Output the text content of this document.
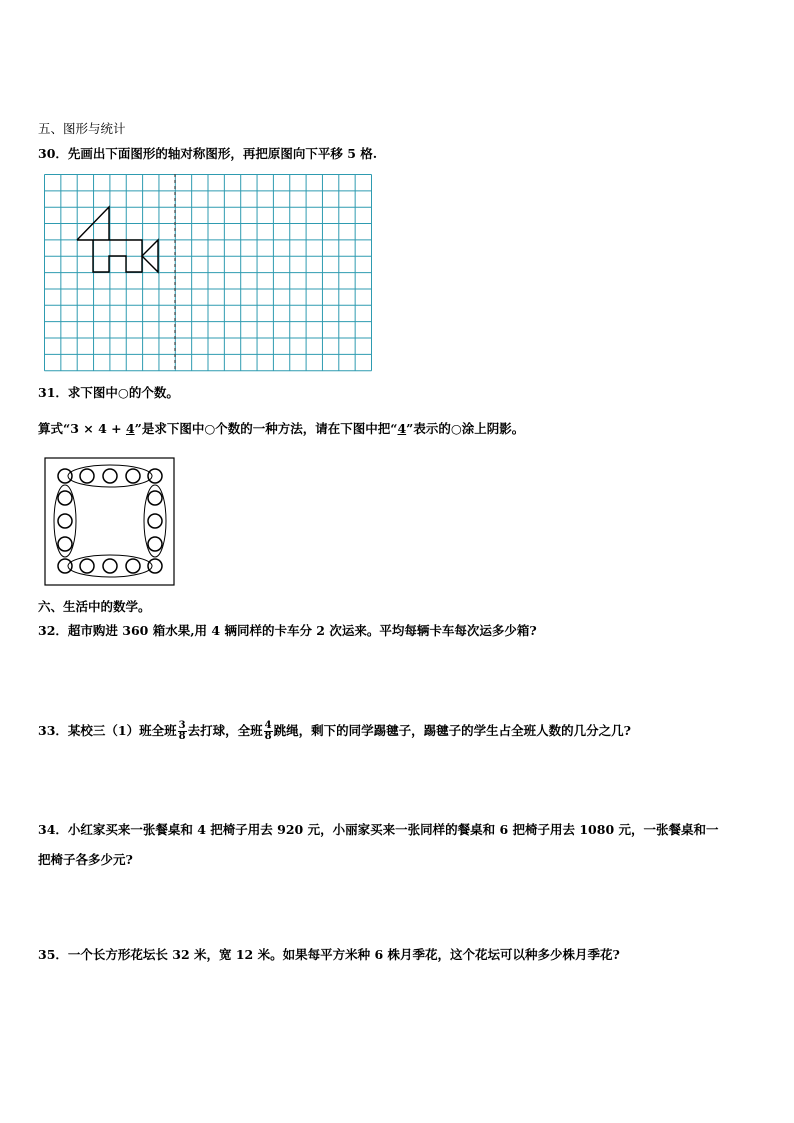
五、图形与统计
30．先画出下面图形的轴对称图形，再把原图向下平移 5 格.
31．求下图中○的个数。
算式“3 × 4 + 4”是求下图中○个数的一种方法，请在下图中把“4”表示的○涂上阴影。
六、生活中的数学。
32．超市购进 360 箱水果,用 4 辆同样的卡车分 2 次运来。平均每辆卡车每次运多少箱?
33．某校三（1）班全班 $\frac{3}{8}$ 去打球，全班 $\frac{4}{8}$ 跳绳，剩下的同学踢毽子，踢毽子的学生占全班人数的几分之几?
34．小红家买来一张餐桌和 4 把椅子用去 920 元，小丽家买来一张同样的餐桌和 6 把椅子用去 1080 元，一张餐桌和一
把椅子各多少元?
35．一个长方形花坛长 32 米，宽 12 米。如果每平方米种 6 株月季花，这个花坛可以种多少株月季花?
